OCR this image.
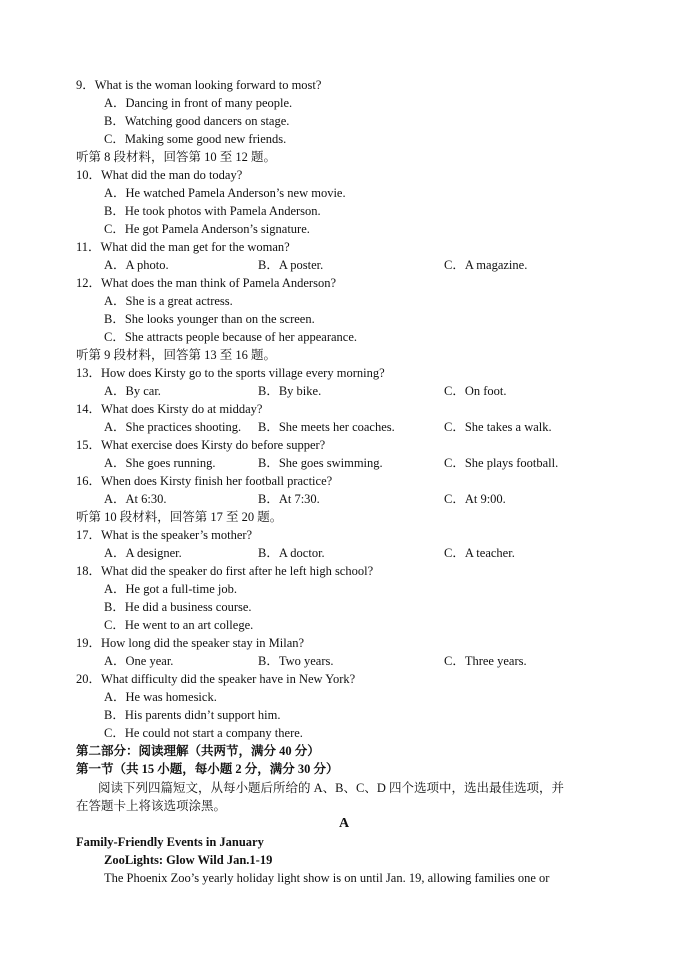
9．What is the woman looking forward to most?
A．Dancing in front of many people.
B．Watching good dancers on stage.
C．Making some good new friends.
听第 8 段材料，回答第 10 至 12 题。
10．What did the man do today?
A．He watched Pamela Anderson’s new movie.
B．He took photos with Pamela Anderson.
C．He got Pamela Anderson’s signature.
11．What did the man get for the woman?
A．A photo.	B．A poster.	C．A magazine.
12．What does the man think of Pamela Anderson?
A．She is a great actress.
B．She looks younger than on the screen.
C．She attracts people because of her appearance.
听第 9 段材料，回答第 13 至 16 题。
13．How does Kirsty go to the sports village every morning?
A．By car.	B．By bike.	C．On foot.
14．What does Kirsty do at midday?
A．She practices shooting. B．She meets her coaches.	C．She takes a walk.
15．What exercise does Kirsty do before supper?
A．She goes running.	B．She goes swimming.	C．She plays football.
16．When does Kirsty finish her football practice?
A．At 6:30.	B．At 7:30.	C．At 9:00.
听第 10 段材料，回答第 17 至 20 题。
17．What is the speaker’s mother?
A．A designer.	B．A doctor.	C．A teacher.
18．What did the speaker do first after he left high school?
A．He got a full-time job.
B．He did a business course.
C．He went to an art college.
19．How long did the speaker stay in Milan?
A．One year.	B．Two years.	C．Three years.
20．What difficulty did the speaker have in New York?
A．He was homesick.
B．His parents didn’t support him.
C．He could not start a company there.
第二部分：阅读理解（共两节，满分 40 分）
第一节（共 15 小题，每小题 2 分，满分 30 分）
阅读下列四篇短文，从每小题后所给的 A、B、C、D 四个选项中，选出最佳选项，并
在答题卡上将该选项涂黑。
A
Family-Friendly Events in January
ZooLights: Glow Wild Jan.1-19
The Phoenix Zoo’s yearly holiday light show is on until Jan. 19, allowing families one or
